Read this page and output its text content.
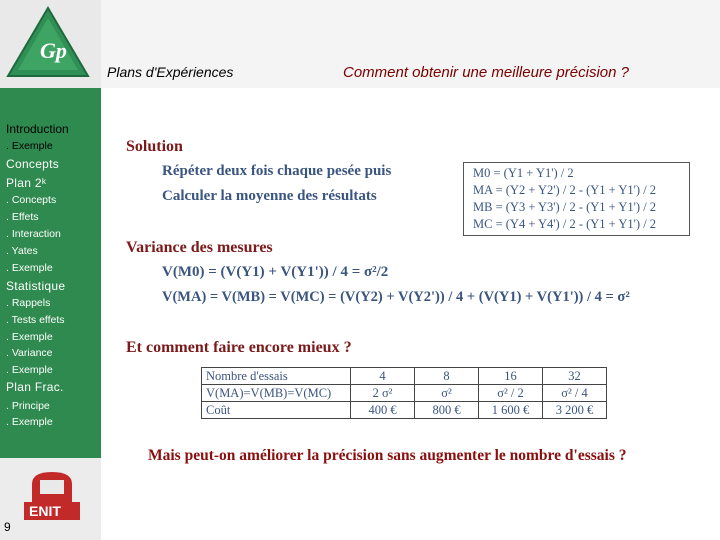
Gp
Plans d'Expériences	Comment obtenir une meilleure précision ?
Introduction
. Exemple
Concepts
Plan 2ᵏ
. Concepts
. Effets
. Interaction
. Yates
. Exemple
Statistique
. Rappels
. Tests effets
. Exemple
. Variance
. Exemple
Plan Frac.
. Principe
. Exemple
ENIT
9
Solution
Répéter deux fois chaque pesée puis
Calculer la moyenne des résultats
M0 = (Y1 + Y1') / 2
MA = (Y2 + Y2') / 2 - (Y1 + Y1') / 2
MB = (Y3 + Y3') / 2 - (Y1 + Y1') / 2
MC = (Y4 + Y4') / 2 - (Y1 + Y1') / 2
Variance des mesures
V(M0) = (V(Y1) + V(Y1')) / 4 = σ²/2
V(MA) = V(MB) = V(MC) = (V(Y2) + V(Y2')) / 4 + (V(Y1) + V(Y1')) / 4 = σ²
Et comment faire encore mieux ?
Nombre d'essais	4	8	16	32
V(MA)=V(MB)=V(MC)	2 σ²	σ²	σ² / 2	σ² / 4
Coût	400 €	800 €	1 600 €	3 200 €
Mais peut-on améliorer la précision sans augmenter le nombre d'essais ?
